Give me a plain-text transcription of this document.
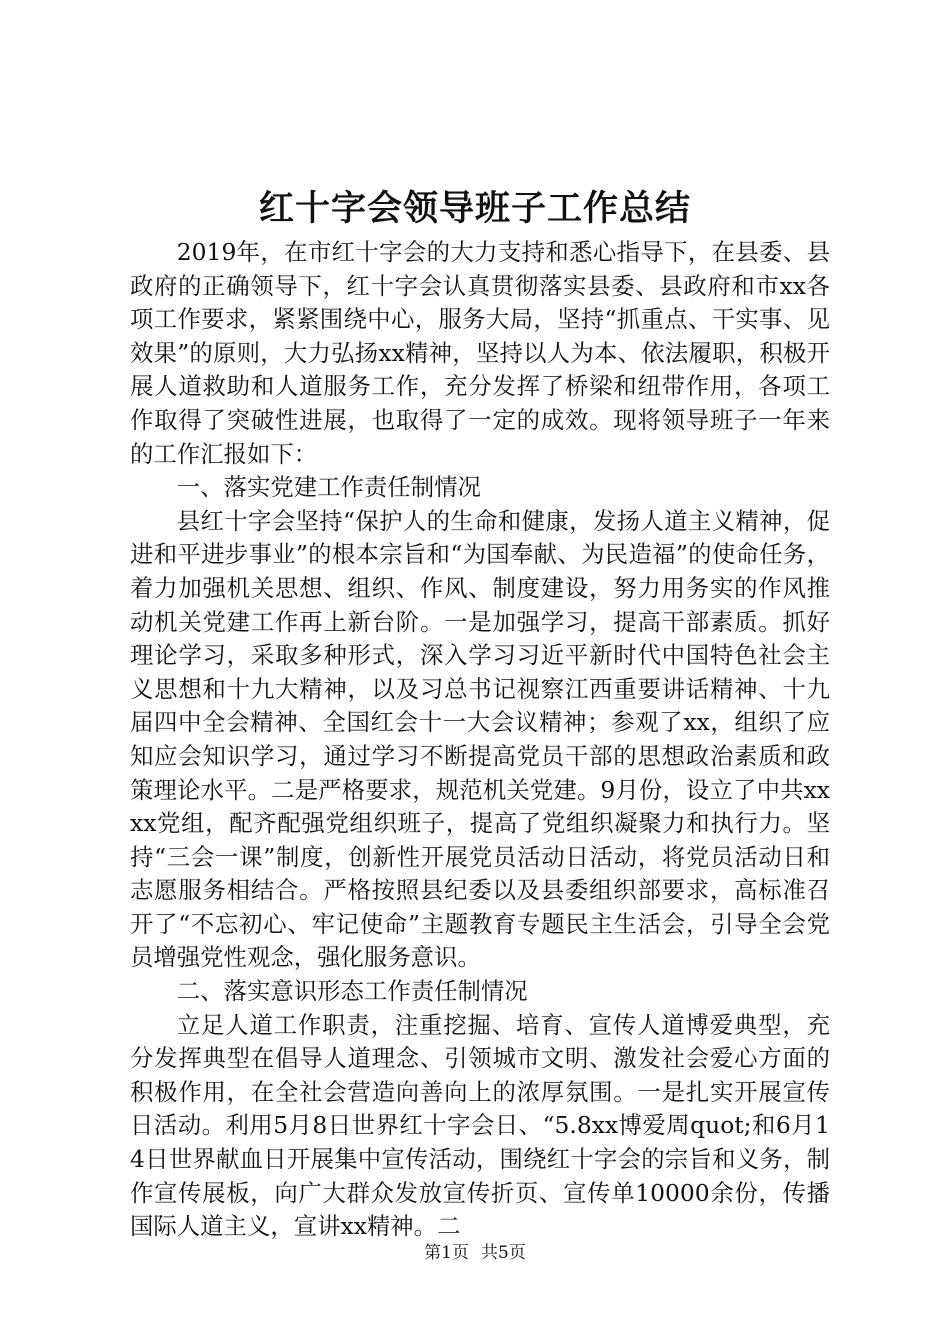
红十字会领导班子工作总结

2019年，在市红十字会的大力支持和悉心指导下，在县委、县政府的正确领导下，红十字会认真贯彻落实县委、县政府和市xx各项工作要求，紧紧围绕中心，服务大局，坚持“抓重点、干实事、见效果”的原则，大力弘扬xx精神，坚持以人为本、依法履职，积极开展人道救助和人道服务工作，充分发挥了桥梁和纽带作用，各项工作取得了突破性进展，也取得了一定的成效。现将领导班子一年来的工作汇报如下：

一、落实党建工作责任制情况

县红十字会坚持“保护人的生命和健康，发扬人道主义精神，促进和平进步事业”的根本宗旨和“为国奉献、为民造福”的使命任务，着力加强机关思想、组织、作风、制度建设，努力用务实的作风推动机关党建工作再上新台阶。一是加强学习，提高干部素质。抓好理论学习，采取多种形式，深入学习习近平新时代中国特色社会主义思想和十九大精神，以及习总书记视察江西重要讲话精神、十九届四中全会精神、全国红会十一大会议精神；参观了xx，组织了应知应会知识学习，通过学习不断提高党员干部的思想政治素质和政策理论水平。二是严格要求，规范机关党建。9月份，设立了中共xxxx党组，配齐配强党组织班子，提高了党组织凝聚力和执行力。坚持“三会一课”制度，创新性开展党员活动日活动，将党员活动日和志愿服务相结合。严格按照县纪委以及县委组织部要求，高标准召开了“不忘初心、牢记使命”主题教育专题民主生活会，引导全会党员增强党性观念，强化服务意识。

二、落实意识形态工作责任制情况

立足人道工作职责，注重挖掘、培育、宣传人道博爱典型，充分发挥典型在倡导人道理念、引领城市文明、激发社会爱心方面的积极作用，在全社会营造向善向上的浓厚氛围。一是扎实开展宣传日活动。利用5月8日世界红十字会日、“5.8xx博爱周quot;和6月14日世界献血日开展集中宣传活动，围绕红十字会的宗旨和义务，制作宣传展板，向广大群众发放宣传折页、宣传单10000余份，传播国际人道主义，宣讲xx精神。二

第1页 共5页
